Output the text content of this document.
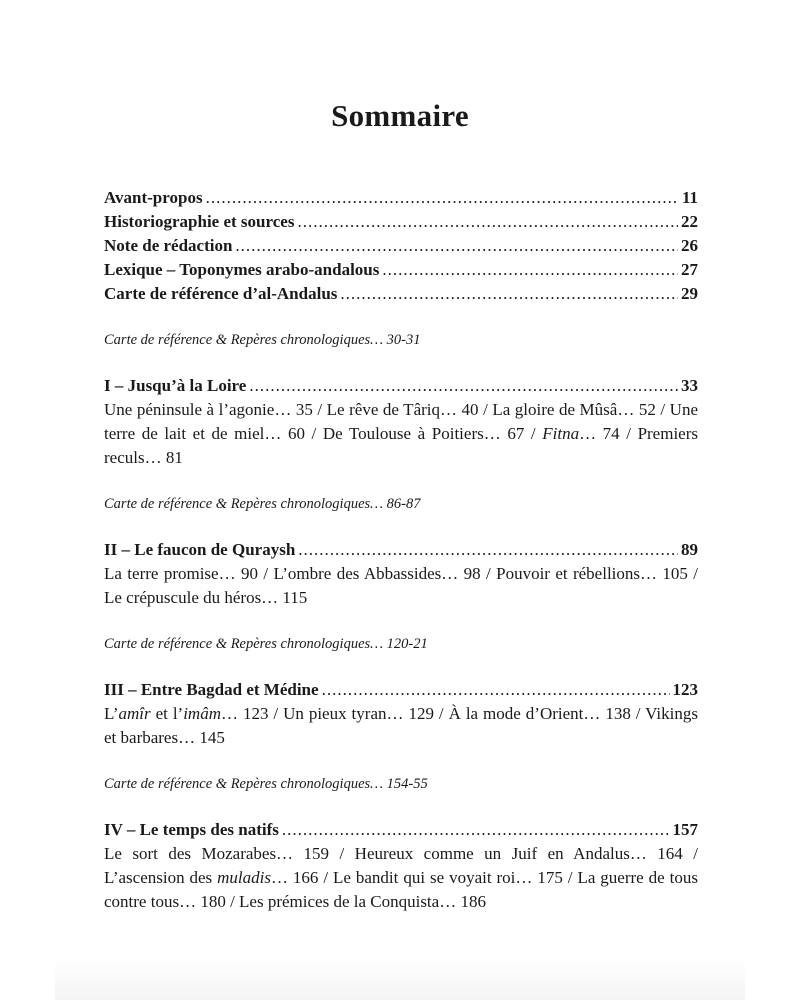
Sommaire
Avant-propos .....	11
Historiographie et sources .....	22
Note de rédaction .....	26
Lexique – Toponymes arabo-andalous .....	27
Carte de référence d’al-Andalus .....	29
Carte de référence & Repères chronologiques… 30-31
I – Jusqu’à la Loire .....	33

Une péninsule à l’agonie… 35 / Le rêve de Târiq… 40 / La gloire de Mûsâ… 52 / Une terre de lait et de miel… 60 / De Toulouse à Poitiers… 67 / Fitna… 74 / Premiers reculs… 81

Carte de référence & Repères chronologiques… 86-87
II – Le faucon de Quraysh .....	89

La terre promise… 90 / L’ombre des Abbassides… 98 / Pouvoir et rébellions… 105 / Le crépuscule du héros… 115

Carte de référence & Repères chronologiques… 120-21
III – Entre Bagdad et Médine .....	123

L’amîr et l’imâm… 123 / Un pieux tyran… 129 / À la mode d’Orient… 138 / Vikings et barbares… 145

Carte de référence & Repères chronologiques… 154-55
IV – Le temps des natifs .....	157

Le sort des Mozarabes… 159 / Heureux comme un Juif en Andalus… 164 / L’ascension des muladis… 166 / Le bandit qui se voyait roi… 175 / La guerre de tous contre tous… 180 / Les prémices de la Conquista… 186
